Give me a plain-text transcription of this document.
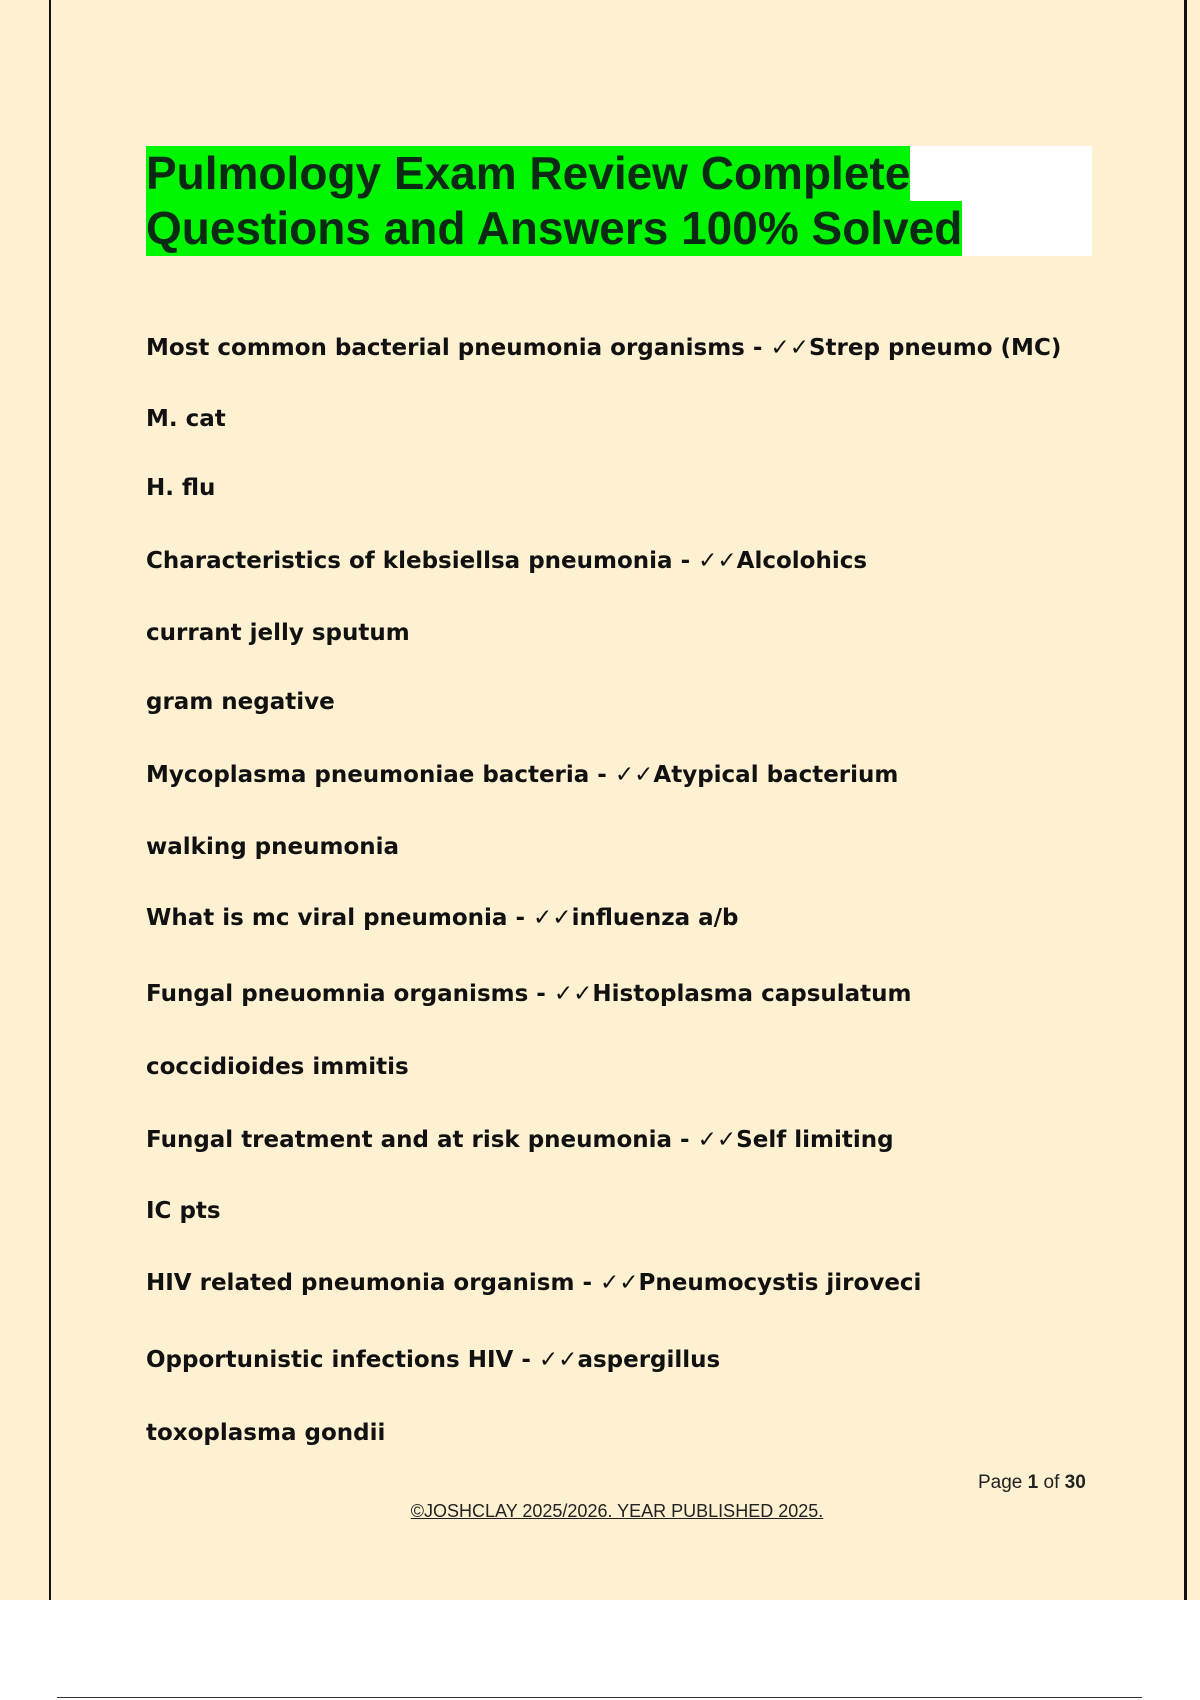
Pulmology Exam Review Complete
Questions and Answers 100% Solved

Most common bacterial pneumonia organisms - ✓✓Strep pneumo (MC)
M. cat
H. flu
Characteristics of klebsiellsa pneumonia - ✓✓Alcolohics
currant jelly sputum
gram negative
Mycoplasma pneumoniae bacteria - ✓✓Atypical bacterium
walking pneumonia
What is mc viral pneumonia - ✓✓influenza a/b
Fungal pneuomnia organisms - ✓✓Histoplasma capsulatum
coccidioides immitis
Fungal treatment and at risk pneumonia - ✓✓Self limiting
IC pts
HIV related pneumonia organism - ✓✓Pneumocystis jiroveci
Opportunistic infections HIV - ✓✓aspergillus
toxoplasma gondii
Page 1 of 30
©JOSHCLAY 2025/2026. YEAR PUBLISHED 2025.
